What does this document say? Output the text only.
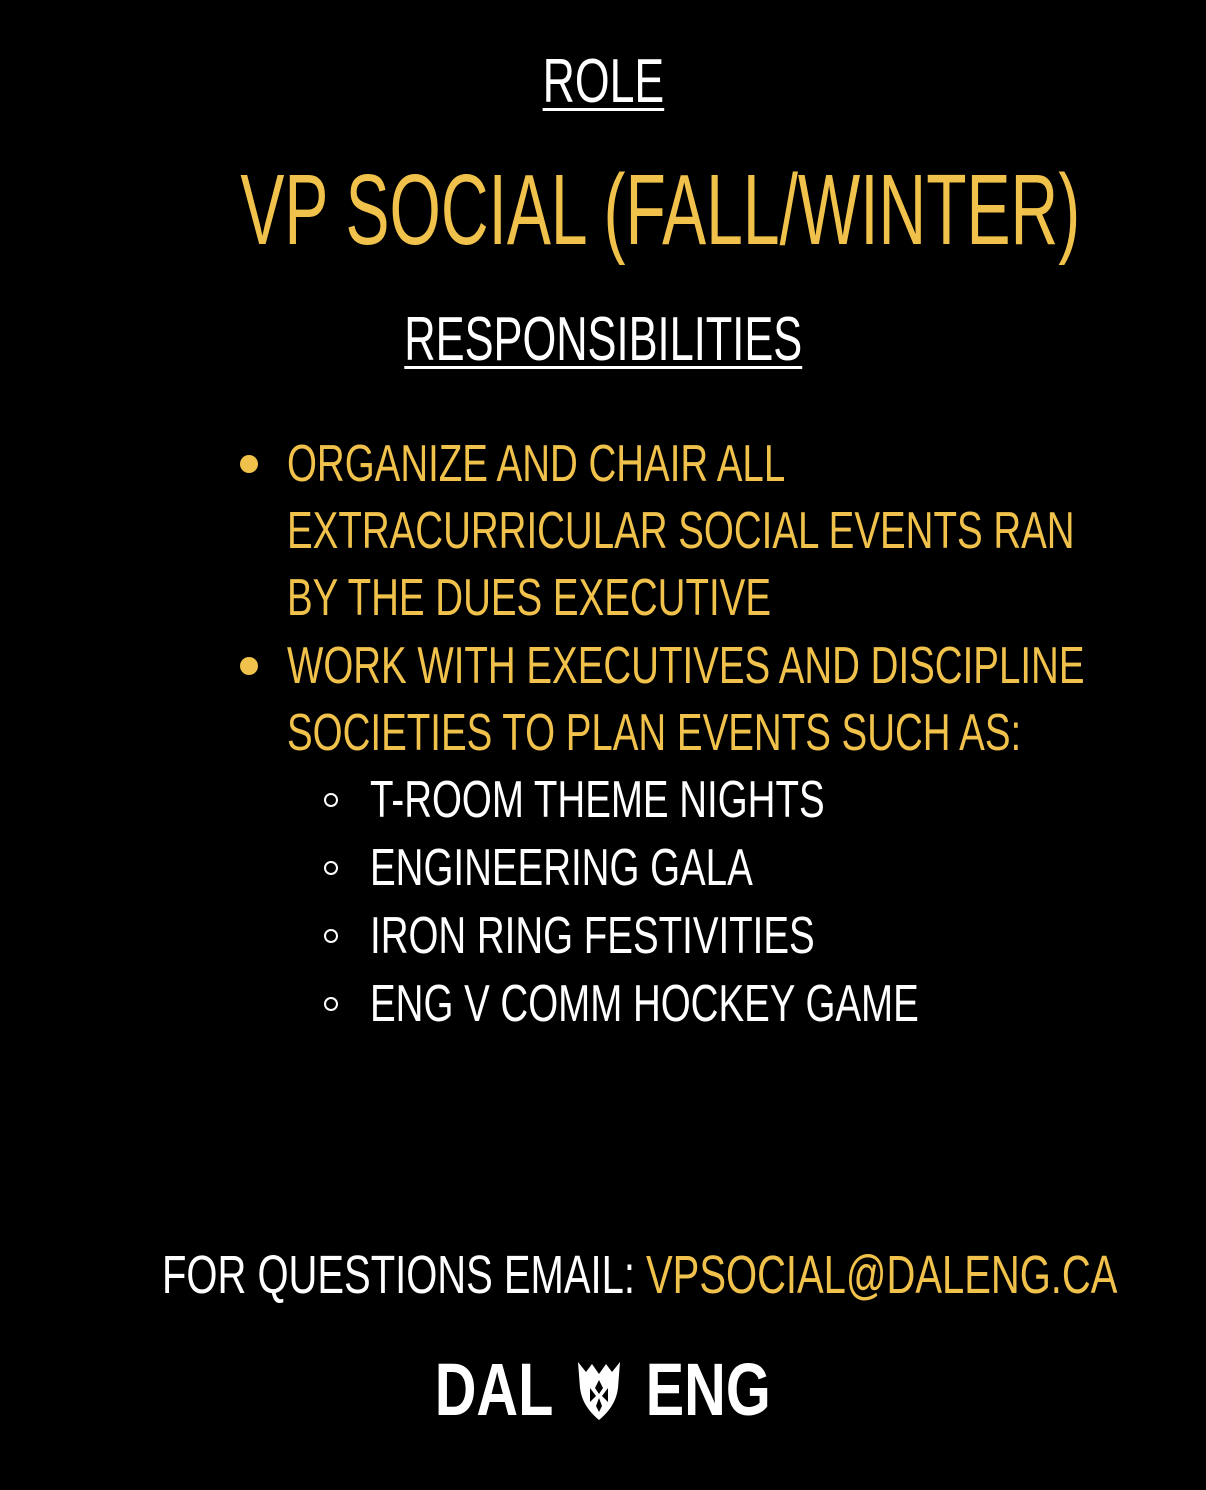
ROLE
VP SOCIAL (FALL/WINTER)
RESPONSIBILITIES
ORGANIZE AND CHAIR ALL
EXTRACURRICULAR SOCIAL EVENTS RAN
BY THE DUES EXECUTIVE
WORK WITH EXECUTIVES AND DISCIPLINE
SOCIETIES TO PLAN EVENTS SUCH AS:
T-ROOM THEME NIGHTS
ENGINEERING GALA
IRON RING FESTIVITIES
ENG V COMM HOCKEY GAME
FOR QUESTIONS EMAIL: VPSOCIAL@DALENG.CA
DAL ENG
